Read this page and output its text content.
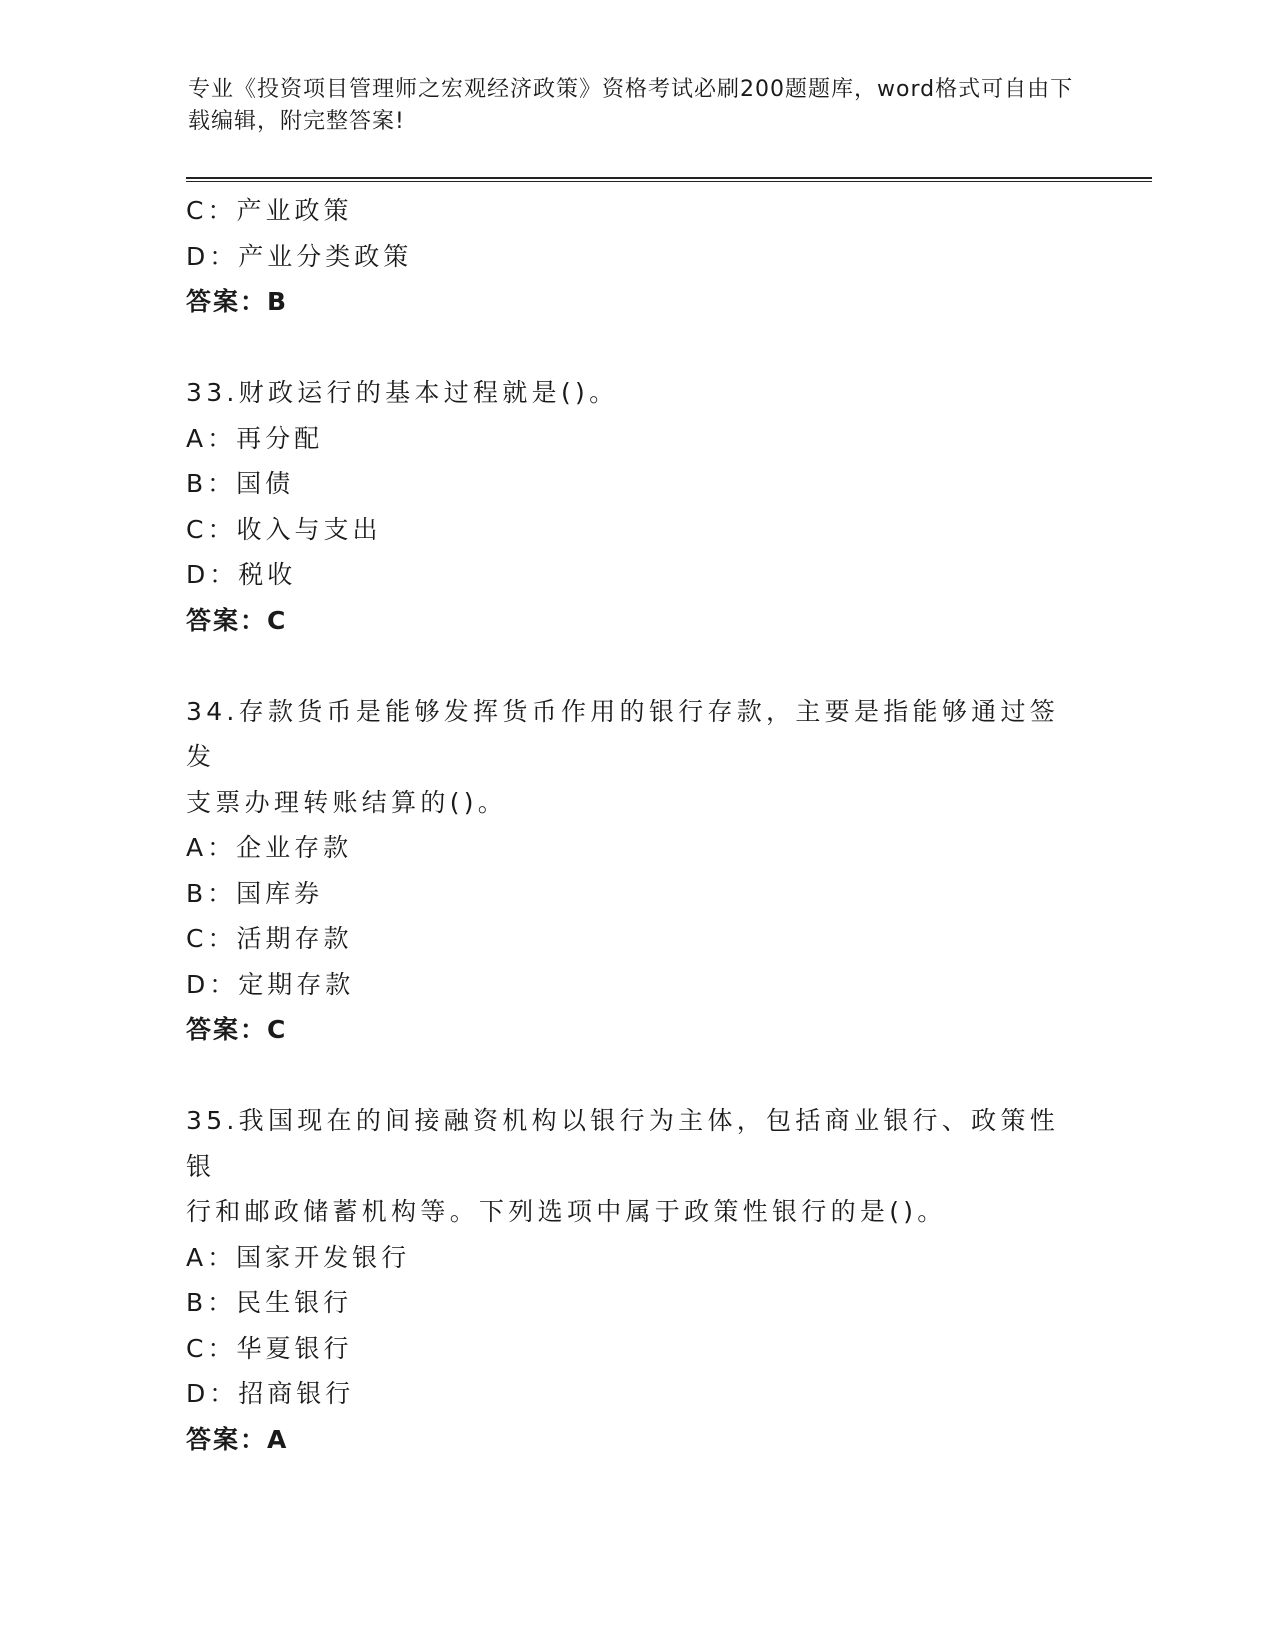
专业《投资项目管理师之宏观经济政策》资格考试必刷200题题库，word格式可自由下载编辑，附完整答案!
C：产业政策
D：产业分类政策
答案：B
33.财政运行的基本过程就是()。
A：再分配
B：国债
C：收入与支出
D：税收
答案：C
34.存款货币是能够发挥货币作用的银行存款，主要是指能够通过签发
支票办理转账结算的()。
A：企业存款
B：国库券
C：活期存款
D：定期存款
答案：C
35.我国现在的间接融资机构以银行为主体，包括商业银行、政策性银
行和邮政储蓄机构等。下列选项中属于政策性银行的是()。
A：国家开发银行
B：民生银行
C：华夏银行
D：招商银行
答案：A
